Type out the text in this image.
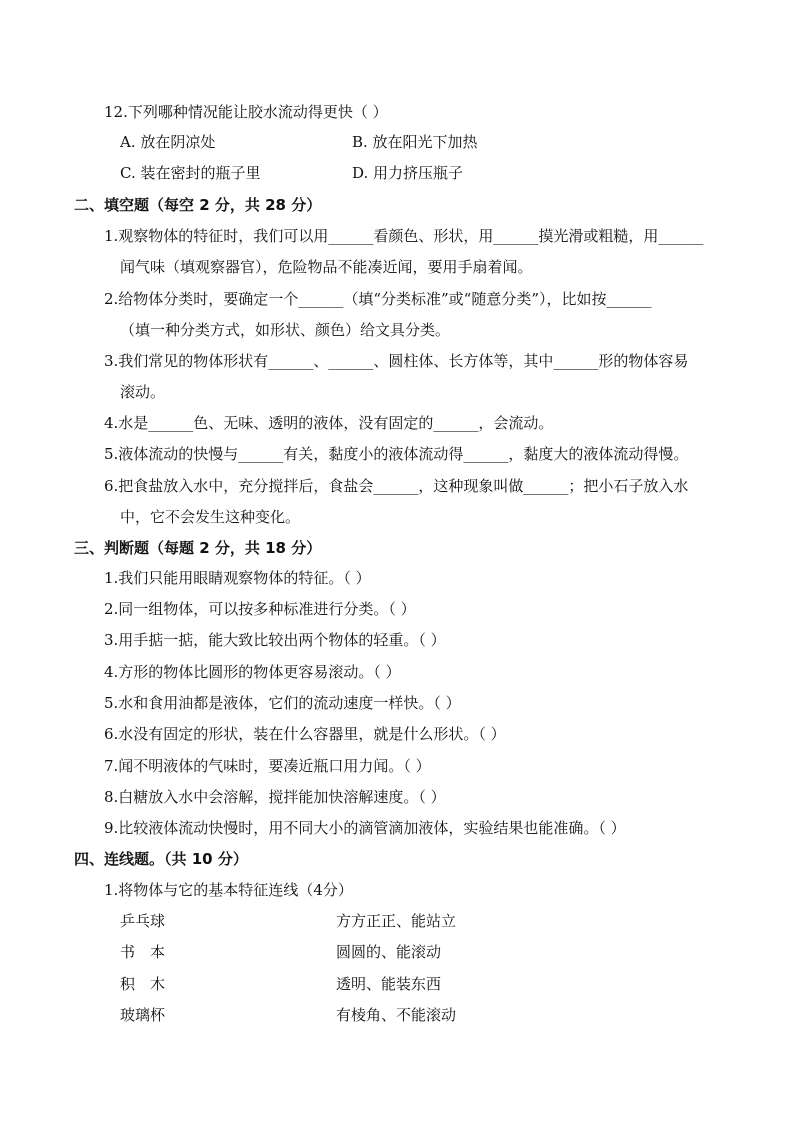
12.下列哪种情况能让胶水流动得更快（ ）
A. 放在阴凉处	B. 放在阳光下加热
C. 装在密封的瓶子里	D. 用力挤压瓶子
二、填空题（每空 2 分，共 28 分）
1.观察物体的特征时，我们可以用______看颜色、形状，用______摸光滑或粗糙，用______
闻气味（填观察器官），危险物品不能凑近闻，要用手扇着闻。
2.给物体分类时，要确定一个______（填“分类标准”或“随意分类”），比如按______
（填一种分类方式，如形状、颜色）给文具分类。
3.我们常见的物体形状有______、______、圆柱体、长方体等，其中______形的物体容易
滚动。
4.水是______色、无味、透明的液体，没有固定的______，会流动。
5.液体流动的快慢与______有关，黏度小的液体流动得______，黏度大的液体流动得慢。
6.把食盐放入水中，充分搅拌后，食盐会______，这种现象叫做______；把小石子放入水
中，它不会发生这种变化。
三、判断题（每题 2 分，共 18 分）
1.我们只能用眼睛观察物体的特征。（ ）
2.同一组物体，可以按多种标准进行分类。（ ）
3.用手掂一掂，能大致比较出两个物体的轻重。（ ）
4.方形的物体比圆形的物体更容易滚动。（ ）
5.水和食用油都是液体，它们的流动速度一样快。（ ）
6.水没有固定的形状，装在什么容器里，就是什么形状。（ ）
7.闻不明液体的气味时，要凑近瓶口用力闻。（ ）
8.白糖放入水中会溶解，搅拌能加快溶解速度。（ ）
9.比较液体流动快慢时，用不同大小的滴管滴加液体，实验结果也能准确。（ ）
四、连线题。（共 10 分）
1.将物体与它的基本特征连线（4分）
乒乓球	方方正正、能站立
书　本	圆圆的、能滚动
积　木	透明、能装东西
玻璃杯	有棱角、不能滚动
